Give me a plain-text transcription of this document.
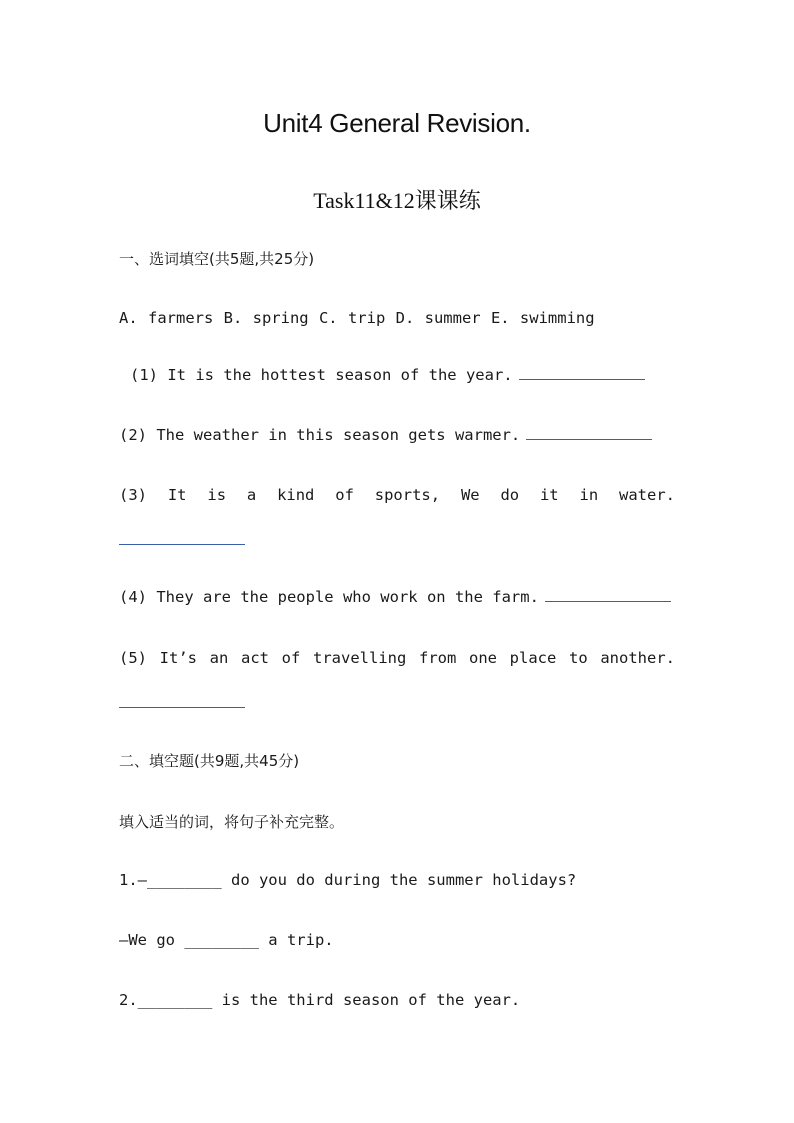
Unit4 General Revision.
Task11&12课课练
一、选词填空(共5题,共25分)
A. farmers B. spring C. trip D. summer E. swimming
(1) It is the hottest season of the year.
(2) The weather in this season gets warmer.
(3) It is a kind of sports, We do it in water.
(4) They are the people who work on the farm.
(5) It’s an act of travelling from one place to another.
二、填空题(共9题,共45分)
填入适当的词，将句子补充完整。
1.—________ do you do during the summer holidays?
—We go ________ a trip.
2.________ is the third season of the year.
